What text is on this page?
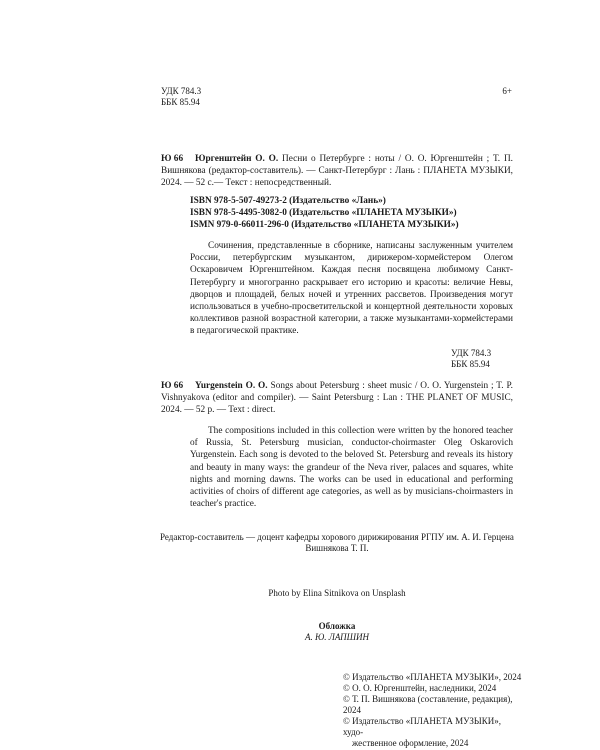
УДК 784.3
ББК 85.94
6+
Ю 66 Юргенштейн О. О. Песни о Петербурге : ноты / О. О. Юргенштейн ; Т. П. Вишнякова (редактор-составитель). — Санкт-Петербург : Лань : ПЛАНЕТА МУЗЫКИ, 2024. — 52 с.— Текст : непосредственный.
ISBN 978-5-507-49273-2 (Издательство «Лань»)
ISBN 978-5-4495-3082-0 (Издательство «ПЛАНЕТА МУЗЫКИ»)
ISMN 979-0-66011-296-0 (Издательство «ПЛАНЕТА МУЗЫКИ»)

Сочинения, представленные в сборнике, написаны заслуженным учителем России, петербургским музыкантом, дирижером-хормейстером Олегом Оскаровичем Юргенштейном. Каждая песня посвящена любимому Санкт-Петербургу и многогранно раскрывает его историю и красоты: величие Невы, дворцов и площадей, белых ночей и утренних рассветов. Произведения могут использоваться в учебно-просветительской и концертной деятельности хоровых коллективов разной возрастной категории, а также музыкантами-хормейстерами в педагогической практике.

УДК 784.3
ББК 85.94
Ю 66 Yurgenstein O. O. Songs about Petersburg : sheet music / O. O. Yurgenstein ; T. P. Vishnyakova (editor and compiler). — Saint Petersburg : Lan : THE PLANET OF MUSIC, 2024. — 52 p. — Text : direct.

The compositions included in this collection were written by the honored teacher of Russia, St. Petersburg musician, conductor-choirmaster Oleg Oskarovich Yurgenstein. Each song is devoted to the beloved St. Petersburg and reveals its history and beauty in many ways: the grandeur of the Neva river, palaces and squares, white nights and morning dawns. The works can be used in educational and performing activities of choirs of different age categories, as well as by musicians-choirmasters in teacher's practice.

Редактор-составитель — доцент кафедры хорового дирижирования РГПУ им. А. И. Герцена
Вишнякова Т. П.
Photo by Elina Sitnikova on Unsplash
Обложка
А. Ю. ЛАПШИН
© Издательство «ПЛАНЕТА МУЗЫКИ», 2024
© О. О. Юргенштейн, наследники, 2024
© Т. П. Вишнякова (составление, редакция), 2024
© Издательство «ПЛАНЕТА МУЗЫКИ», худо-
жественное оформление, 2024
